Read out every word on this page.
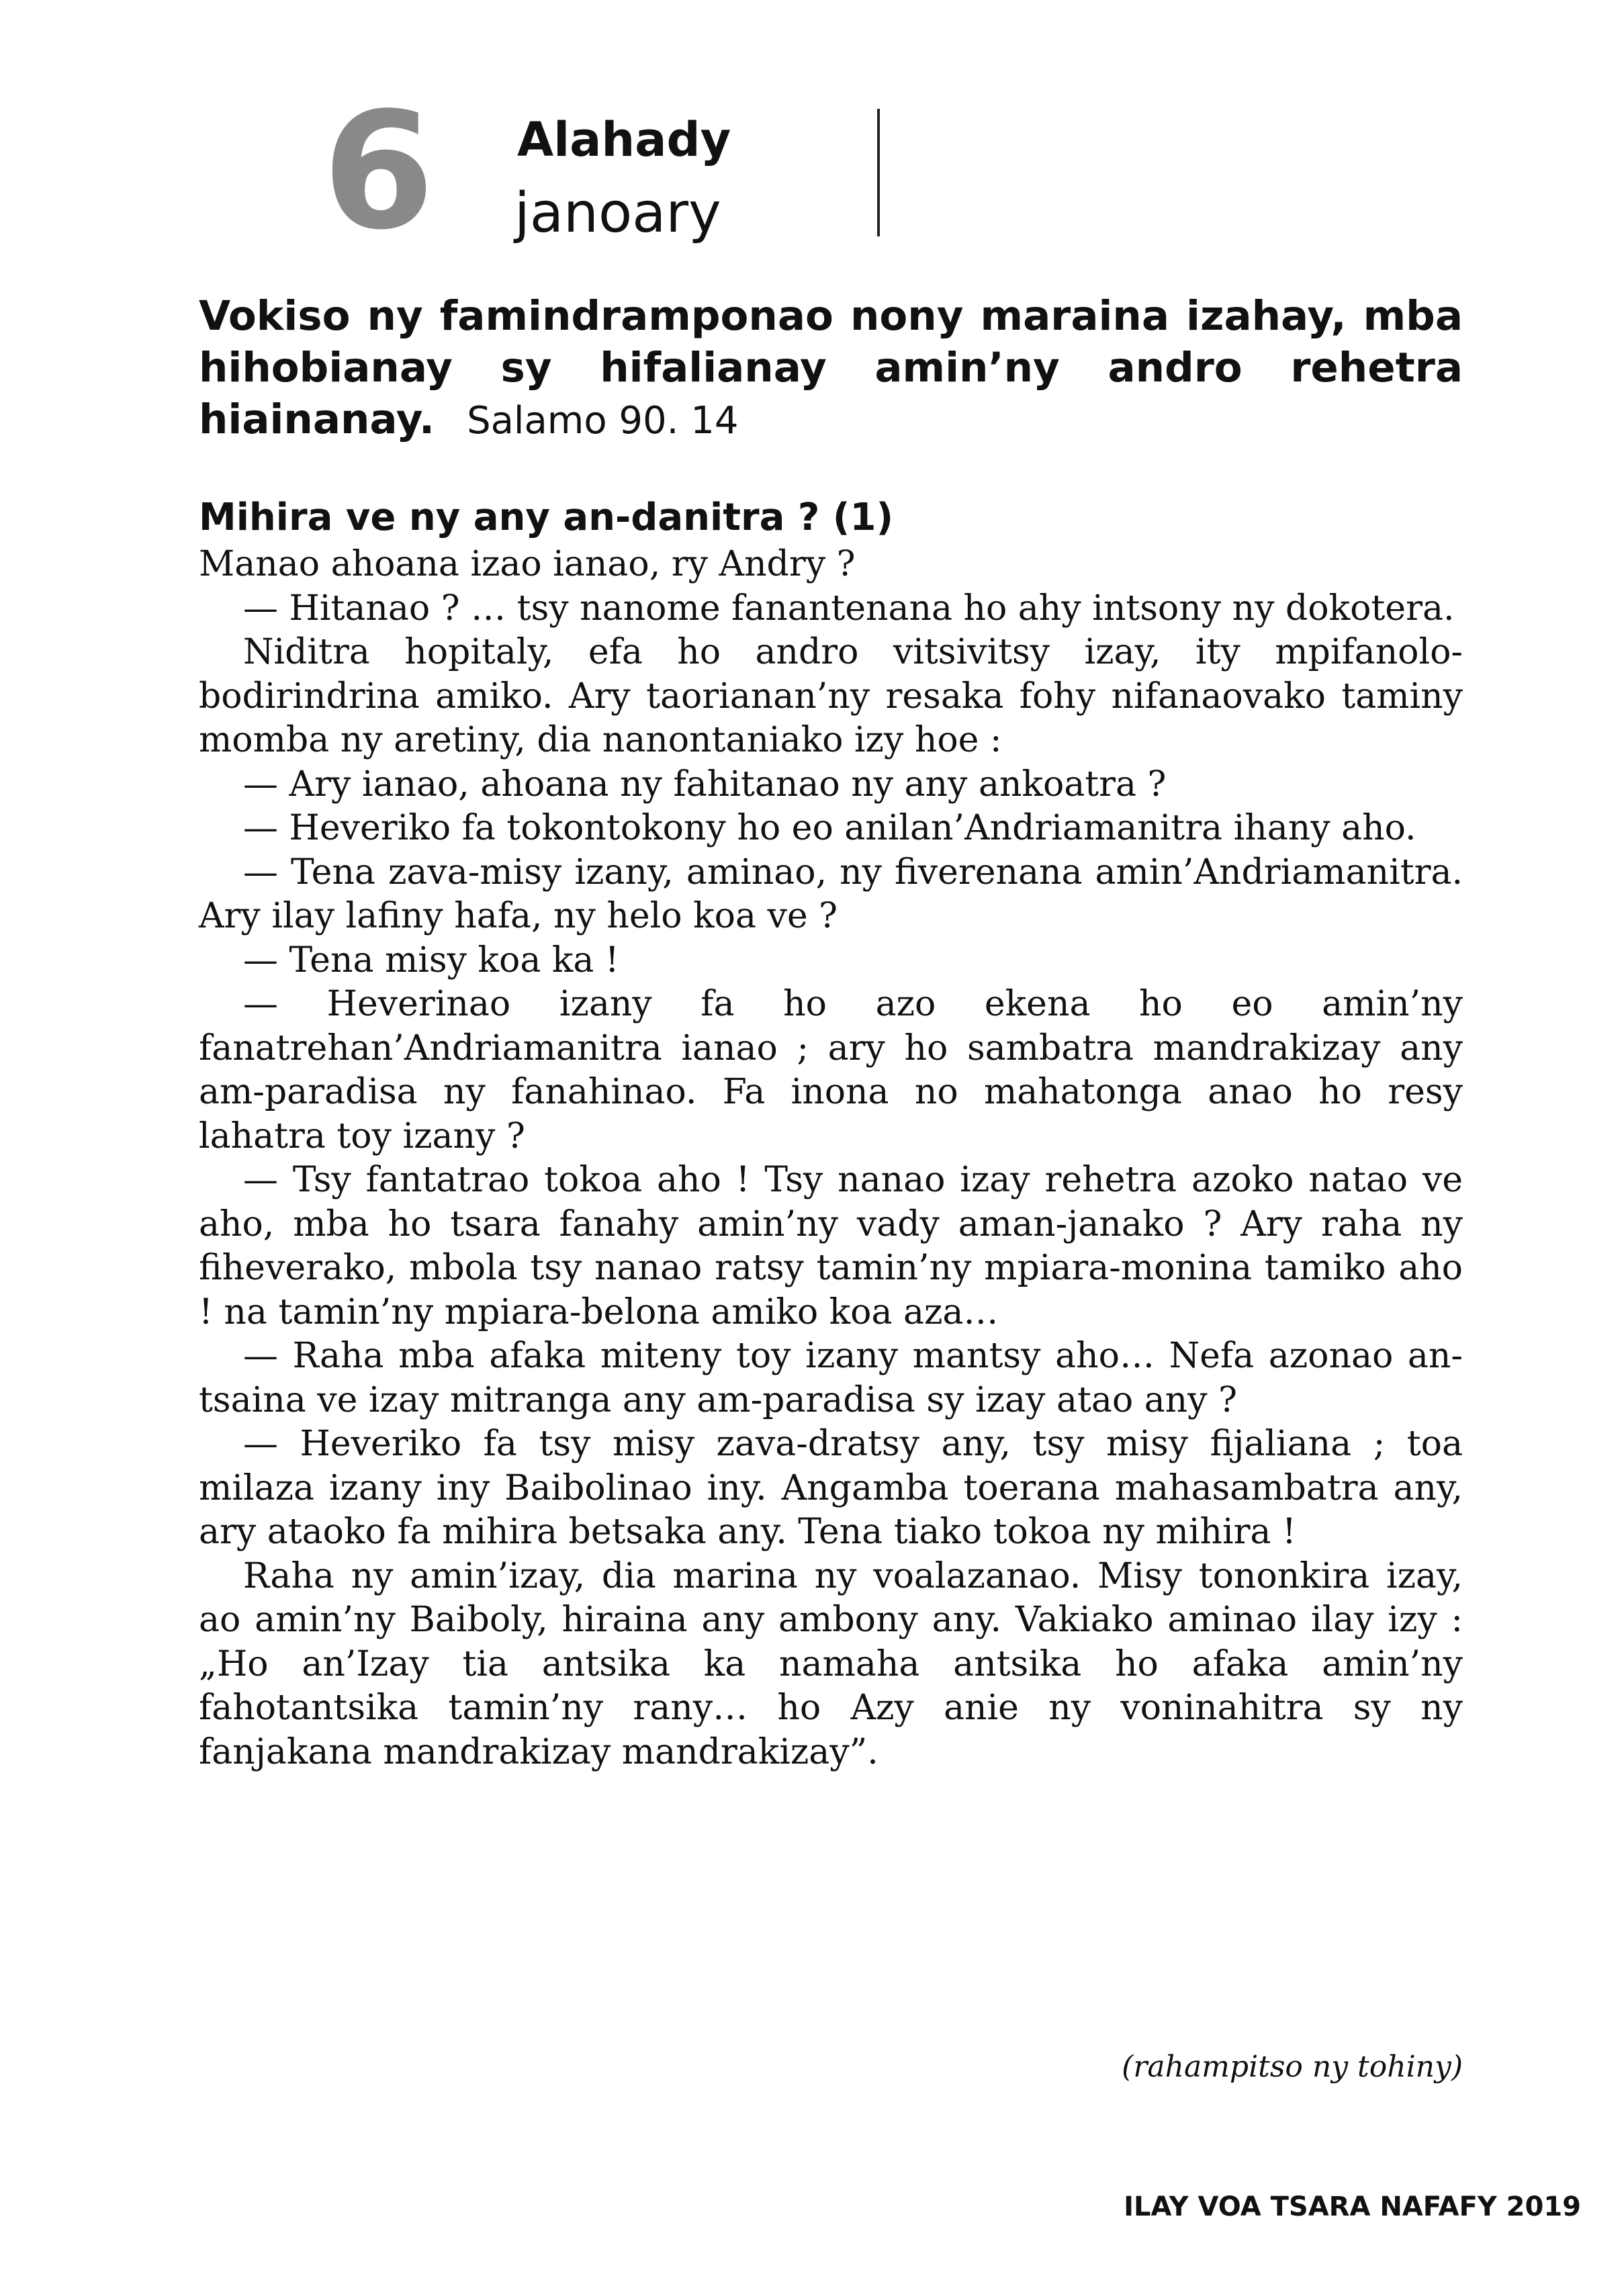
6	Alahady
janoary
Vokiso ny famindramponao nony maraina izahay, mba hihobianay sy hifalianay amin’ny andro rehetra hiainanay. Salamo 90. 14
Mihira ve ny any an-danitra ? (1)

Manao ahoana izao ianao, ry Andry ?

— Hitanao ? … tsy nanome fanantenana ho ahy intsony ny dokotera.

Niditra hopitaly, efa ho andro vitsivitsy izay, ity mpifanolo-bodirindrina amiko. Ary taorianan’ny resaka fohy nifanaovako taminy momba ny aretiny, dia nanontaniako izy hoe :

— Ary ianao, ahoana ny fahitanao ny any ankoatra ?

— Heveriko fa tokontokony ho eo anilan’Andriamanitra ihany aho.

— Tena zava-misy izany, aminao, ny fiverenana amin’Andriamanitra. Ary ilay lafiny hafa, ny helo koa ve ?

— Tena misy koa ka !

— Heverinao izany fa ho azo ekena ho eo amin’ny fanatrehan’Andriamanitra ianao ; ary ho sambatra mandrakizay any am-paradisa ny fanahinao. Fa inona no mahatonga anao ho resy lahatra toy izany ?

— Tsy fantatrao tokoa aho ! Tsy nanao izay rehetra azoko natao ve aho, mba ho tsara fanahy amin’ny vady aman-janako ? Ary raha ny fiheverako, mbola tsy nanao ratsy tamin’ny mpiara-monina tamiko aho ! na tamin’ny mpiara-belona amiko koa aza…

— Raha mba afaka miteny toy izany mantsy aho… Nefa azonao an-tsaina ve izay mitranga any am-paradisa sy izay atao any ?

— Heveriko fa tsy misy zava-dratsy any, tsy misy fijaliana ; toa milaza izany iny Baibolinao iny. Angamba toerana mahasambatra any, ary ataoko fa mihira betsaka any. Tena tiako tokoa ny mihira !

Raha ny amin’izay, dia marina ny voalazanao. Misy tononkira izay, ao amin’ny Baiboly, hiraina any ambony any. Vakiako aminao ilay izy : „Ho an’Izay tia antsika ka namaha antsika ho afaka amin’ny fahotantsika tamin’ny rany… ho Azy anie ny voninahitra sy ny fanjakana mandrakizay mandrakizay”.

(rahampitso ny tohiny)
ILAY VOA TSARA NAFAFY 2019
